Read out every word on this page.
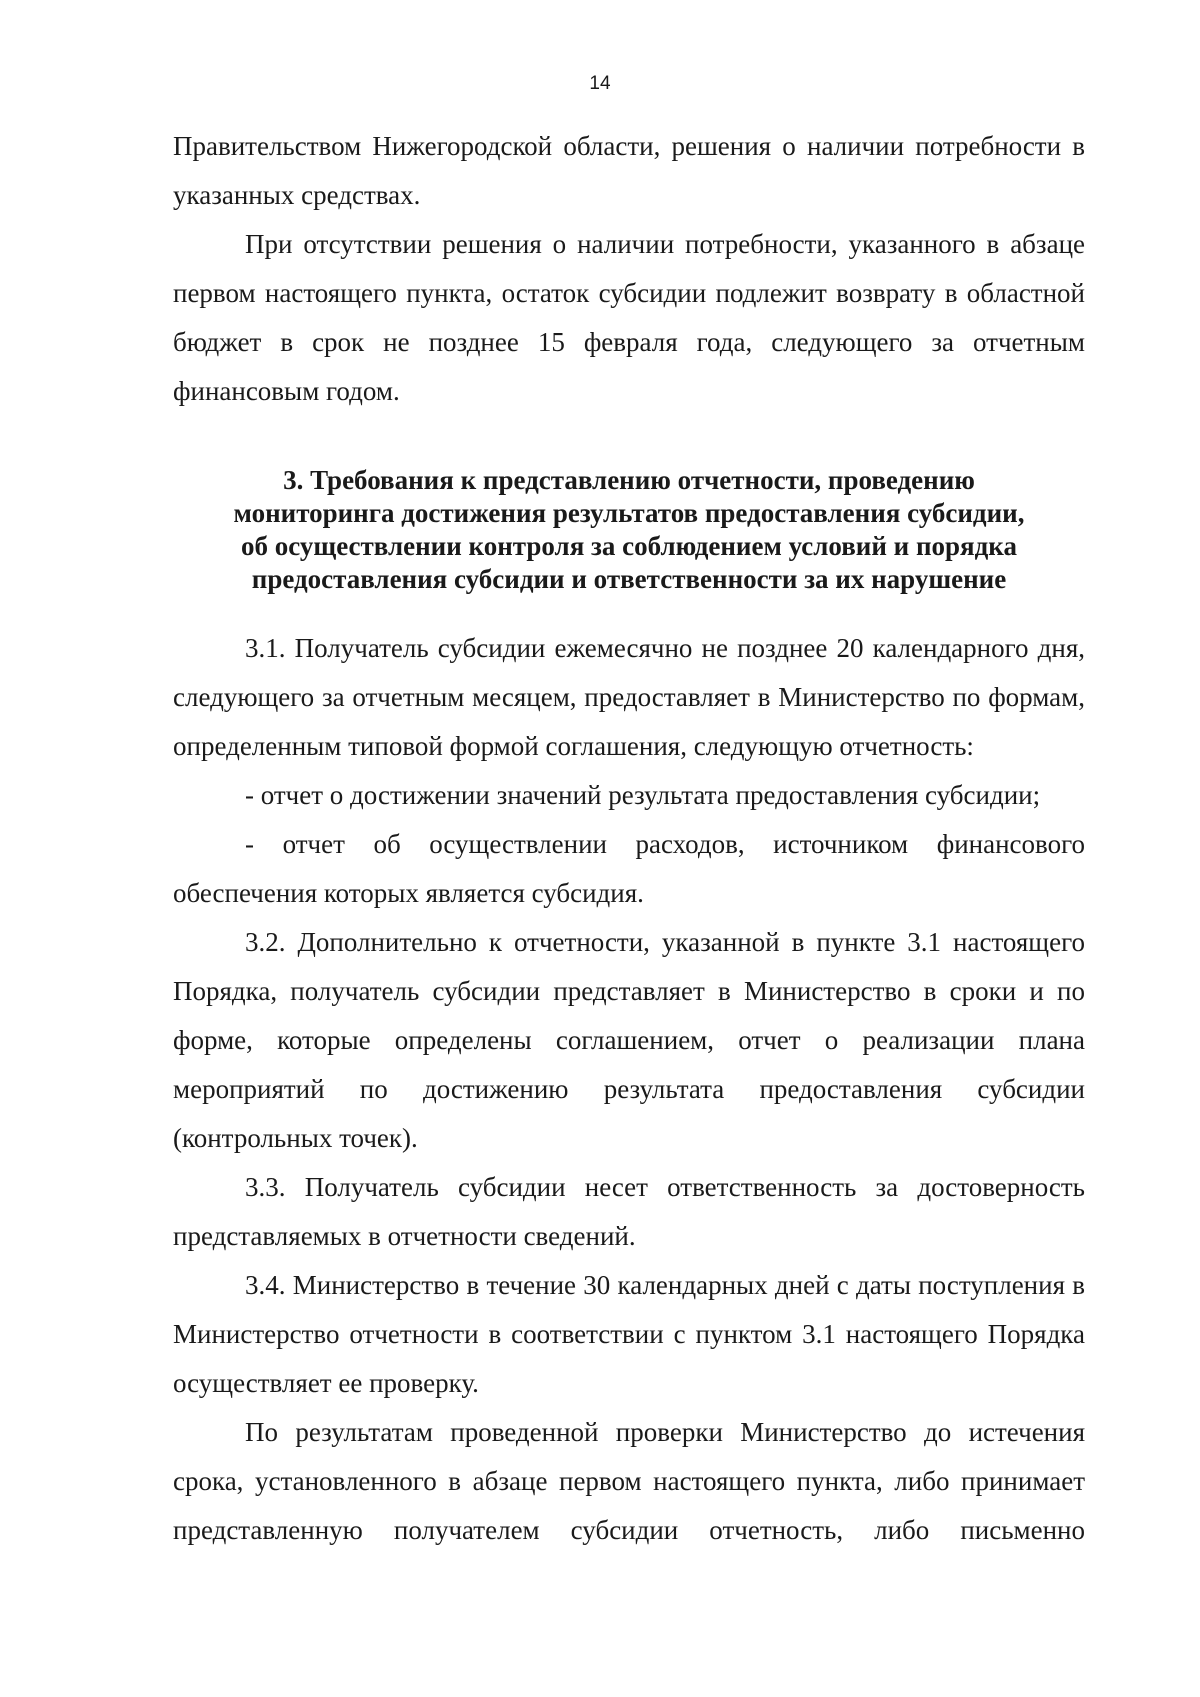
14

Правительством Нижегородской области, решения о наличии потребности в указанных средствах.

При отсутствии решения о наличии потребности, указанного в абзаце первом настоящего пункта, остаток субсидии подлежит возврату в областной бюджет в срок не позднее 15 февраля года, следующего за отчетным финансовым годом.

3. Требования к представлению отчетности, проведению
мониторинга достижения результатов предоставления субсидии,
об осуществлении контроля за соблюдением условий и порядка
предоставления субсидии и ответственности за их нарушение

3.1. Получатель субсидии ежемесячно не позднее 20 календарного дня, следующего за отчетным месяцем, предоставляет в Министерство по формам, определенным типовой формой соглашения, следующую отчетность:

- отчет о достижении значений результата предоставления субсидии;

- отчет об осуществлении расходов, источником финансового обеспечения которых является субсидия.

3.2. Дополнительно к отчетности, указанной в пункте 3.1 настоящего Порядка, получатель субсидии представляет в Министерство в сроки и по форме, которые определены соглашением, отчет о реализации плана мероприятий по достижению результата предоставления субсидии (контрольных точек).

3.3. Получатель субсидии несет ответственность за достоверность представляемых в отчетности сведений.

3.4. Министерство в течение 30 календарных дней с даты поступления в Министерство отчетности в соответствии с пунктом 3.1 настоящего Порядка осуществляет ее проверку.

По результатам проведенной проверки Министерство до истечения срока, установленного в абзаце первом настоящего пункта, либо принимает представленную получателем субсидии отчетность, либо письменно
